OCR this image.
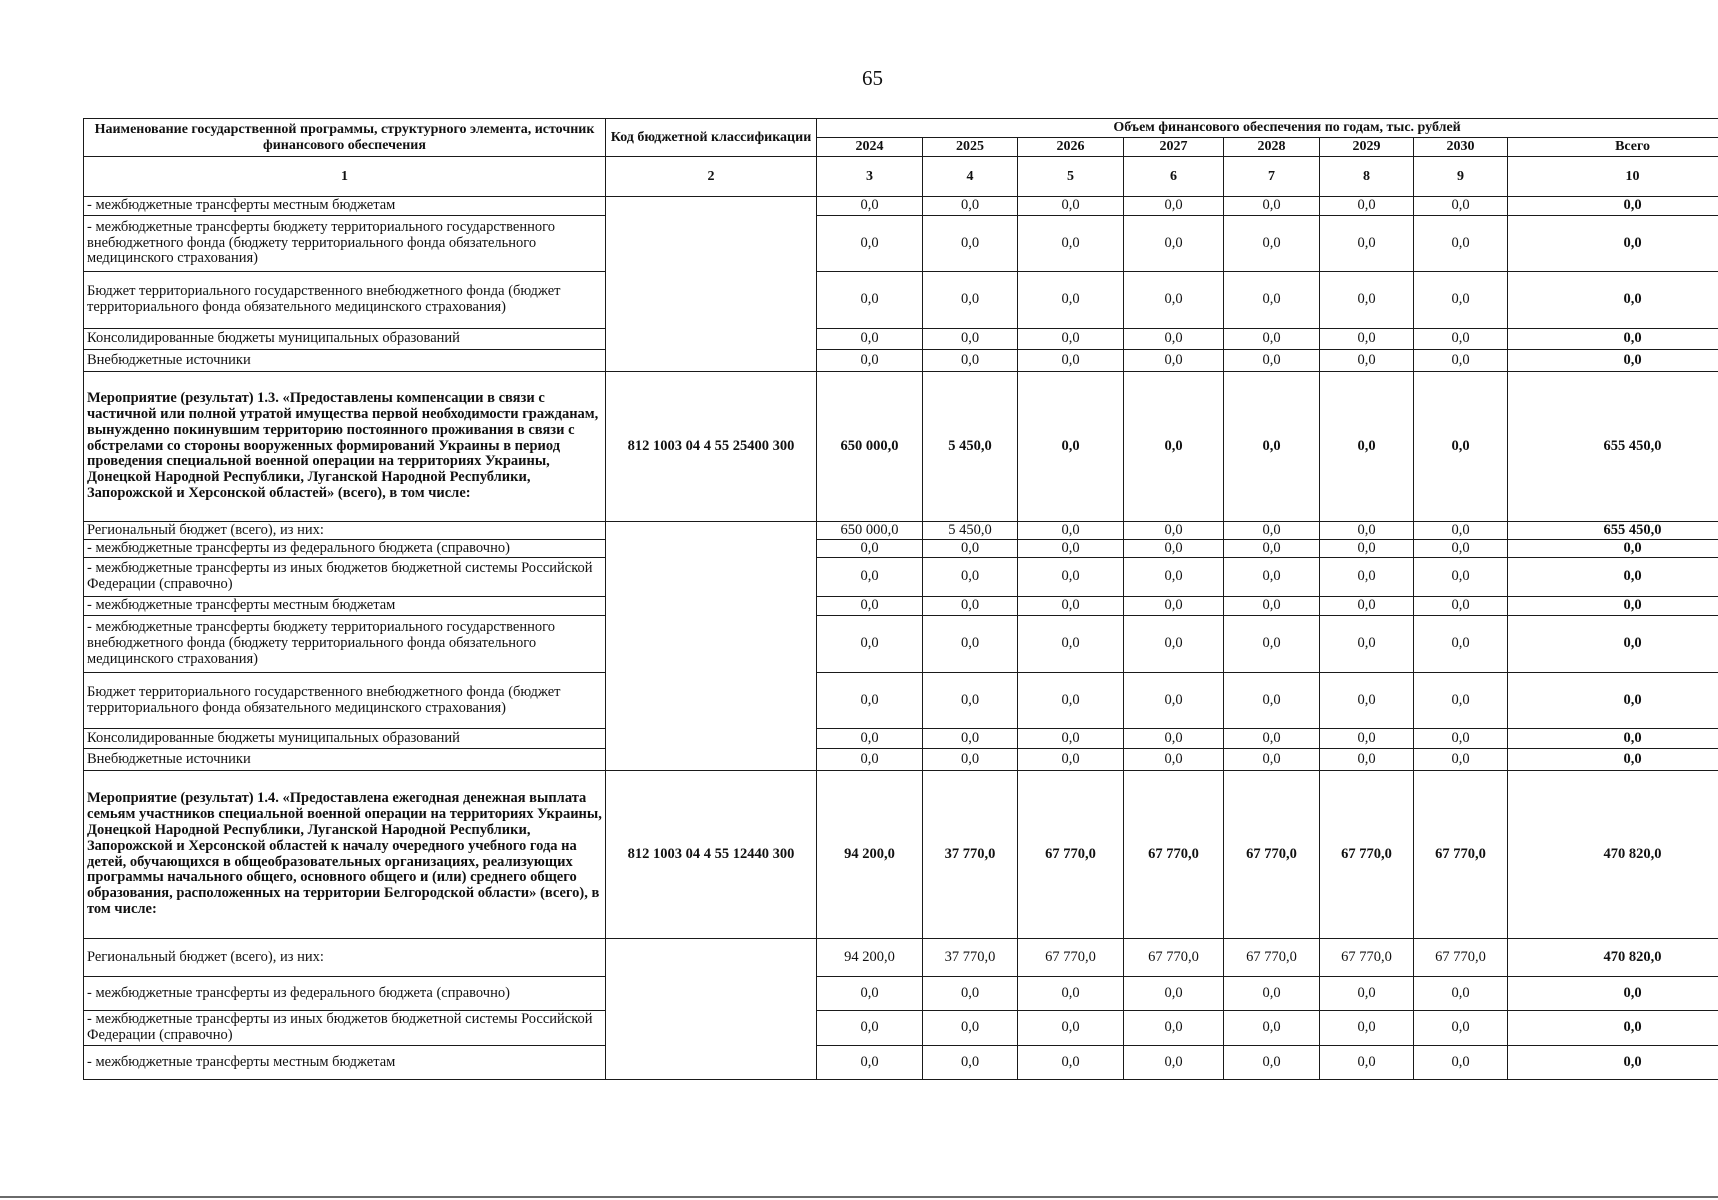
65
Наименование государственной программы, структурного элемента, источник финансового обеспечения	Код бюджетной классификации	Объем финансового обеспечения по годам, тыс. рублей							
		2024	2025	2026	2027	2028	2029	2030	Всего
1	2	3	4	5	6	7	8	9	10
- межбюджетные трансферты местным бюджетам		0,0	0,0	0,0	0,0	0,0	0,0	0,0	0,0
- межбюджетные трансферты бюджету территориального государственного внебюджетного фонда (бюджету территориального фонда обязательного медицинского страхования)		0,0	0,0	0,0	0,0	0,0	0,0	0,0	0,0
Бюджет территориального государственного внебюджетного фонда (бюджет территориального фонда обязательного медицинского страхования)		0,0	0,0	0,0	0,0	0,0	0,0	0,0	0,0
Консолидированные бюджеты муниципальных образований		0,0	0,0	0,0	0,0	0,0	0,0	0,0	0,0
Внебюджетные источники		0,0	0,0	0,0	0,0	0,0	0,0	0,0	0,0
Мероприятие (результат) 1.3. «Предоставлены компенсации в связи с частичной или полной утратой имущества первой необходимости гражданам, вынужденно покинувшим территорию постоянного проживания в связи с обстрелами со стороны вооруженных формирований Украины в период проведения специальной военной операции на территориях Украины, Донецкой Народной Республики, Луганской Народной Республики, Запорожской и Херсонской областей» (всего), в том числе:	812 1003 04 4 55 25400 300	650 000,0	5 450,0	0,0	0,0	0,0	0,0	0,0	655 450,0
Региональный бюджет (всего), из них:		650 000,0	5 450,0	0,0	0,0	0,0	0,0	0,0	655 450,0
- межбюджетные трансферты из федерального бюджета (справочно)		0,0	0,0	0,0	0,0	0,0	0,0	0,0	0,0
- межбюджетные трансферты из иных бюджетов бюджетной системы Российской Федерации (справочно)		0,0	0,0	0,0	0,0	0,0	0,0	0,0	0,0
- межбюджетные трансферты местным бюджетам		0,0	0,0	0,0	0,0	0,0	0,0	0,0	0,0
- межбюджетные трансферты бюджету территориального государственного внебюджетного фонда (бюджету территориального фонда обязательного медицинского страхования)		0,0	0,0	0,0	0,0	0,0	0,0	0,0	0,0
Бюджет территориального государственного внебюджетного фонда (бюджет территориального фонда обязательного медицинского страхования)		0,0	0,0	0,0	0,0	0,0	0,0	0,0	0,0
Консолидированные бюджеты муниципальных образований		0,0	0,0	0,0	0,0	0,0	0,0	0,0	0,0
Внебюджетные источники		0,0	0,0	0,0	0,0	0,0	0,0	0,0	0,0
Мероприятие (результат) 1.4. «Предоставлена ежегодная денежная выплата семьям участников специальной военной операции на территориях Украины, Донецкой Народной Республики, Луганской Народной Республики, Запорожской и Херсонской областей к началу очередного учебного года на детей, обучающихся в общеобразовательных организациях, реализующих программы начального общего, основного общего и (или) среднего общего образования, расположенных на территории Белгородской области» (всего), в том числе:	812 1003 04 4 55 12440 300	94 200,0	37 770,0	67 770,0	67 770,0	67 770,0	67 770,0	67 770,0	470 820,0
Региональный бюджет (всего), из них:		94 200,0	37 770,0	67 770,0	67 770,0	67 770,0	67 770,0	67 770,0	470 820,0
- межбюджетные трансферты из федерального бюджета (справочно)		0,0	0,0	0,0	0,0	0,0	0,0	0,0	0,0
- межбюджетные трансферты из иных бюджетов бюджетной системы Российской Федерации (справочно)		0,0	0,0	0,0	0,0	0,0	0,0	0,0	0,0
- межбюджетные трансферты местным бюджетам		0,0	0,0	0,0	0,0	0,0	0,0	0,0	0,0
